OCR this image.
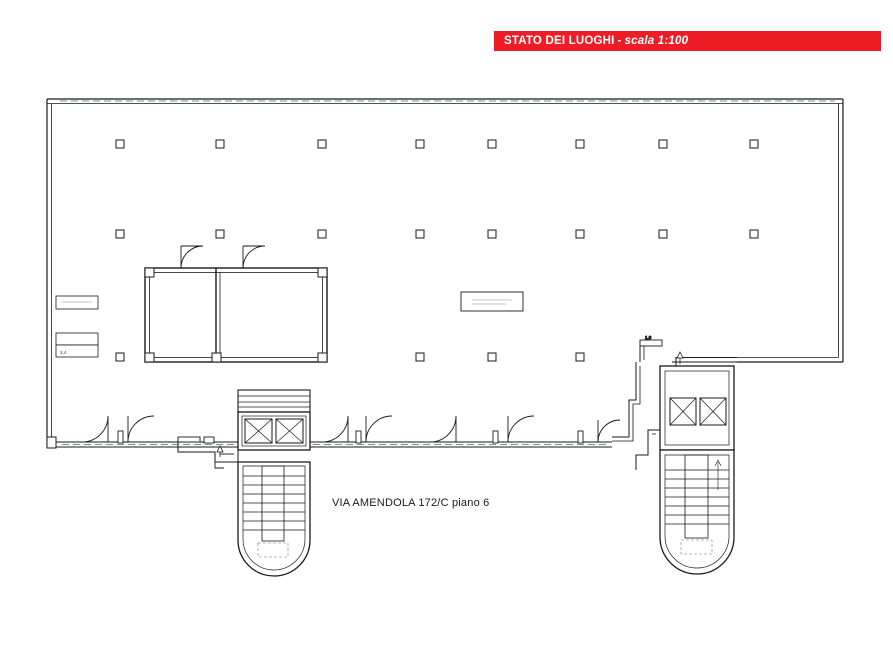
STATO DEI LUOGHI - scala 1:100
VIA AMENDOLA 172/C piano 6
3,4
1,8
